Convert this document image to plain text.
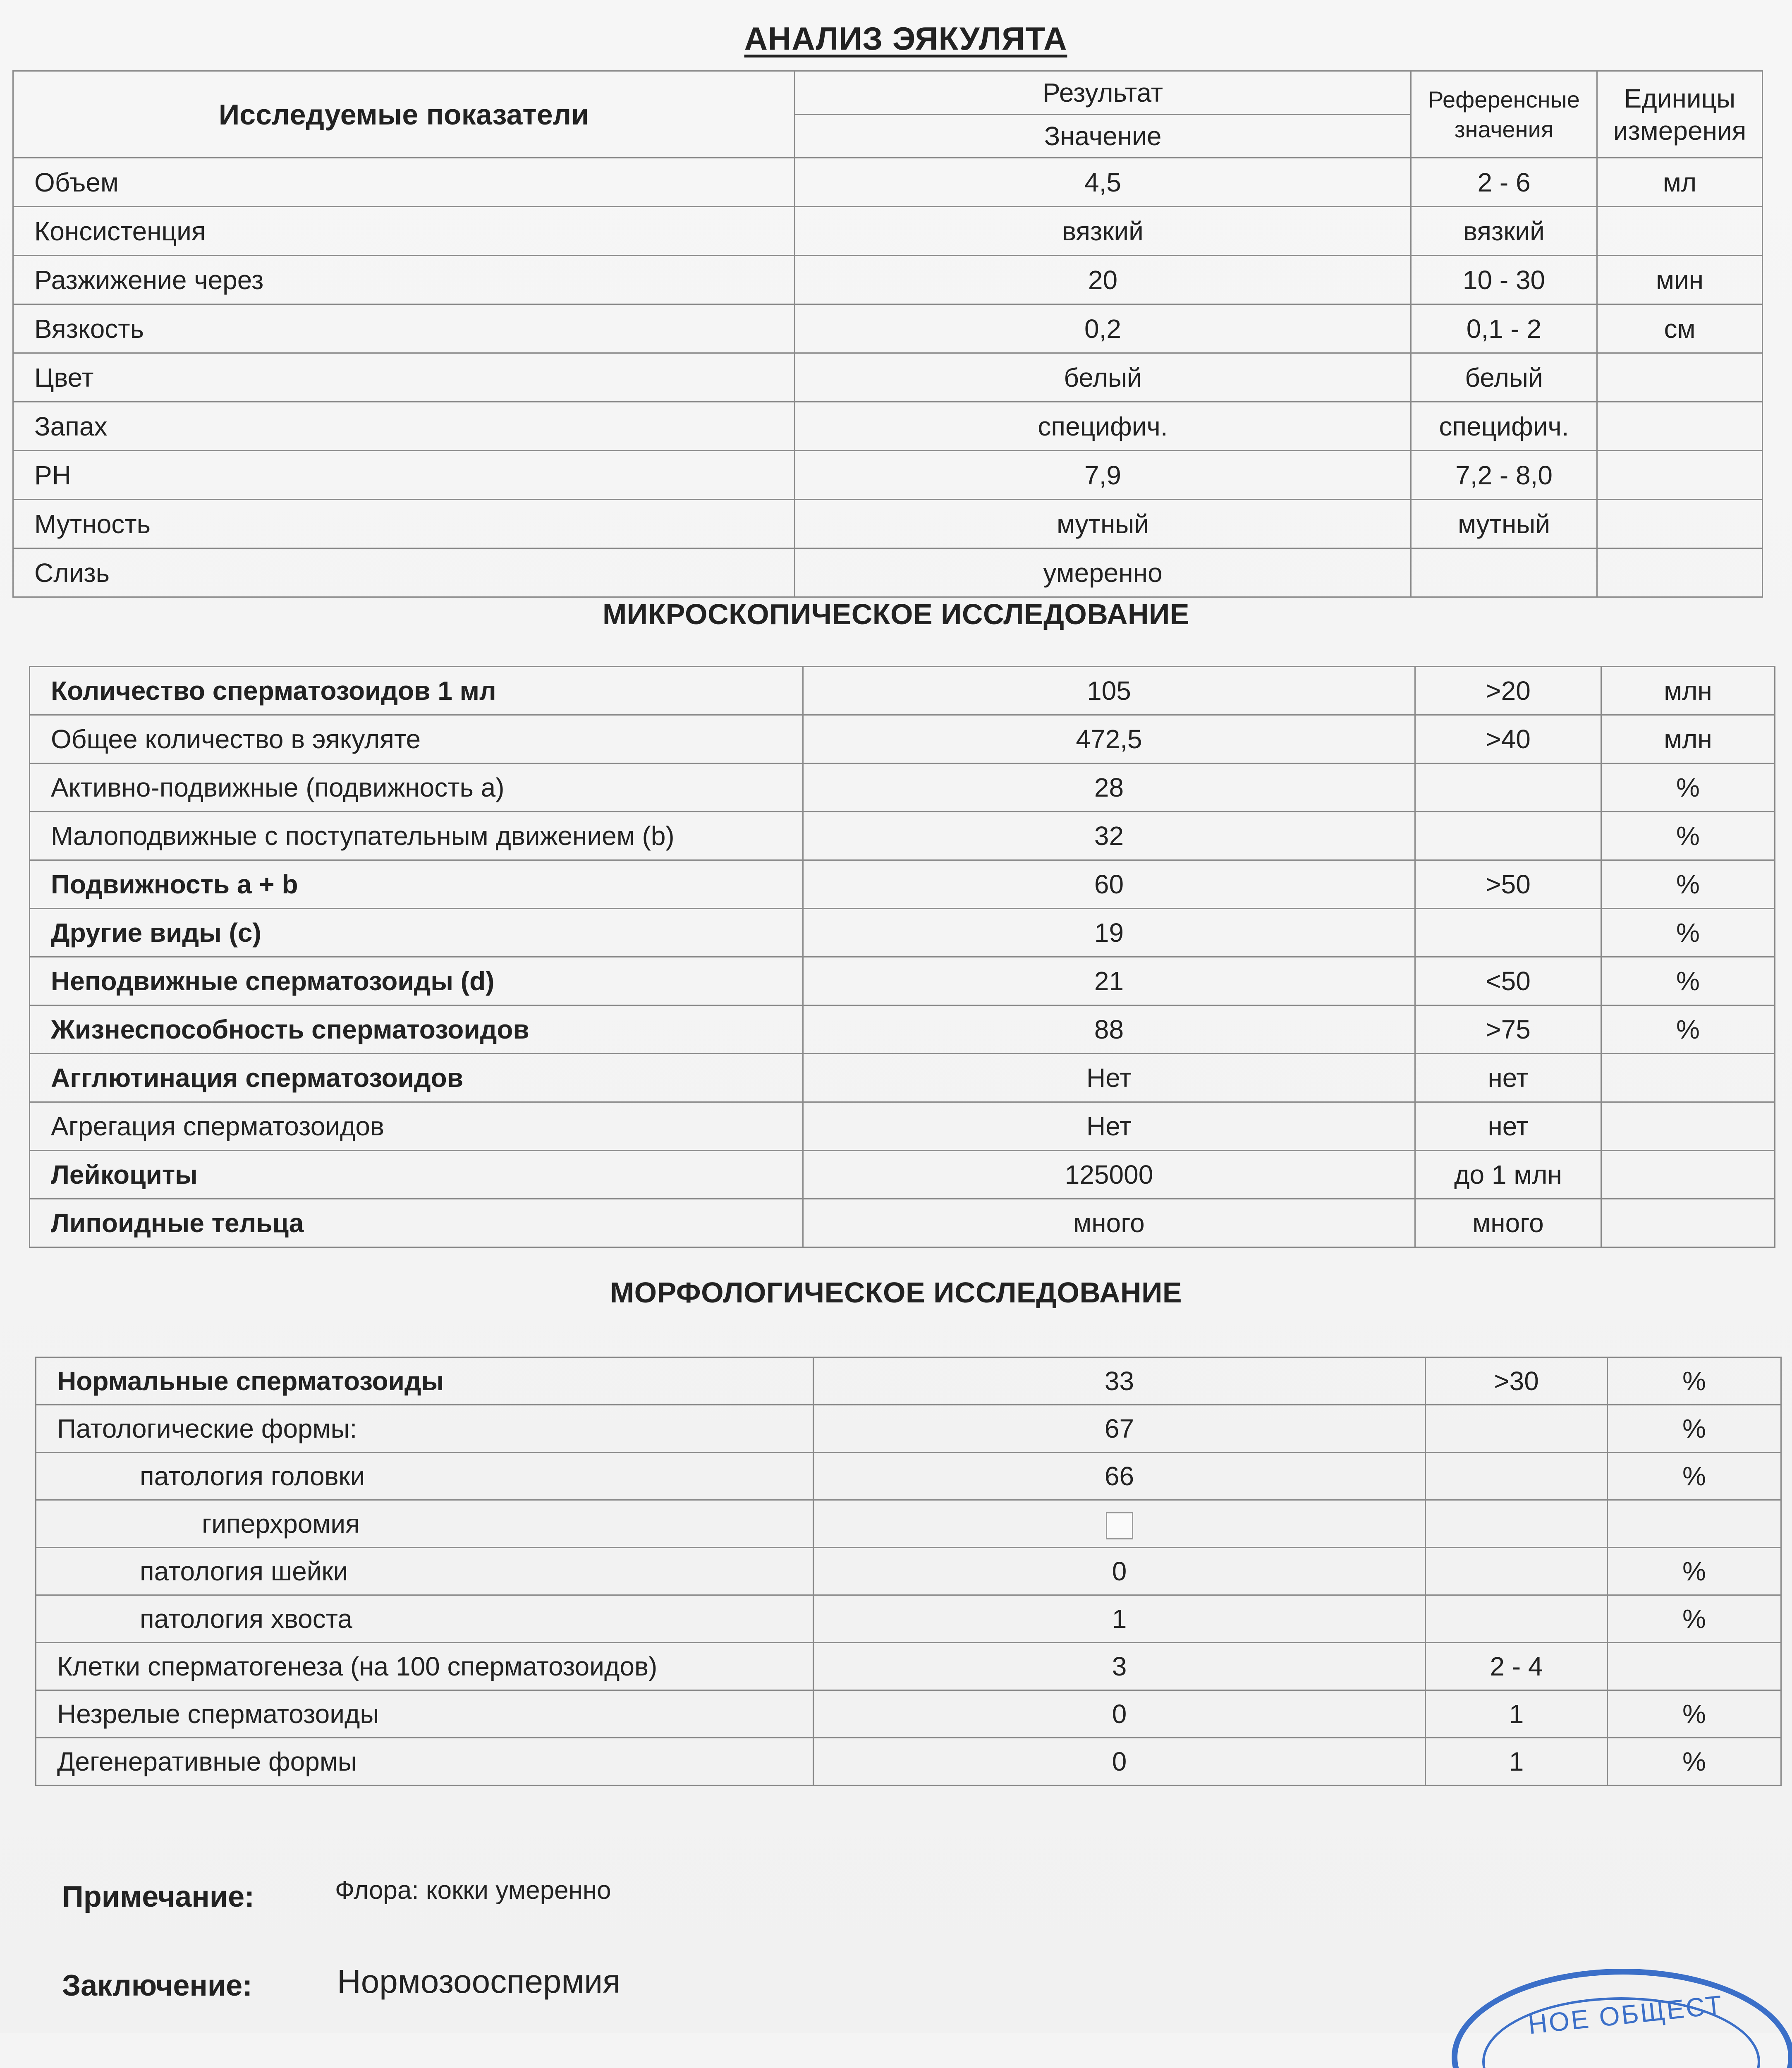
АНАЛИЗ ЭЯКУЛЯТА
Исследуемые показатели	Результат	Референсные значения	Единицы измерения
	Значение		
Объем	4,5	2 - 6	мл
Консистенция	вязкий	вязкий	
Разжижение через	20	10 - 30	мин
Вязкость	0,2	0,1 - 2	см
Цвет	белый	белый	
Запах	специфич.	специфич.	
PH	7,9	7,2 - 8,0	
Мутность	мутный	мутный	
Слизь	умеренно		
МИКРОСКОПИЧЕСКОЕ ИССЛЕДОВАНИЕ
Количество сперматозоидов 1 мл	105	>20	млн
Общее количество в эякуляте	472,5	>40	млн
Активно-подвижные (подвижность а)	28		%
Малоподвижные с поступательным движением (b)	32		%
Подвижность a + b	60	>50	%
Другие виды (c)	19		%
Неподвижные сперматозоиды (d)	21	<50	%
Жизнеспособность сперматозоидов	88	>75	%
Агглютинация сперматозоидов	Нет	нет	
Агрегация сперматозоидов	Нет	нет	
Лейкоциты	125000	до 1 млн	
Липоидные тельца	много	много	
МОРФОЛОГИЧЕСКОЕ ИССЛЕДОВАНИЕ
Нормальные сперматозоиды	33	>30	%
Патологические формы:	67		%
патология головки	66		%
гиперхромия			
патология шейки	0		%
патология хвоста	1		%
Клетки сперматогенеза (на 100 сперматозоидов)	3	2 - 4	
Незрелые сперматозоиды	0	1	%
Дегенеративные формы	0	1	%
Примечание:	Флора: кокки умеренно
Заключение:	Нормозооспермия
НОЕ ОБЩЕСТ
